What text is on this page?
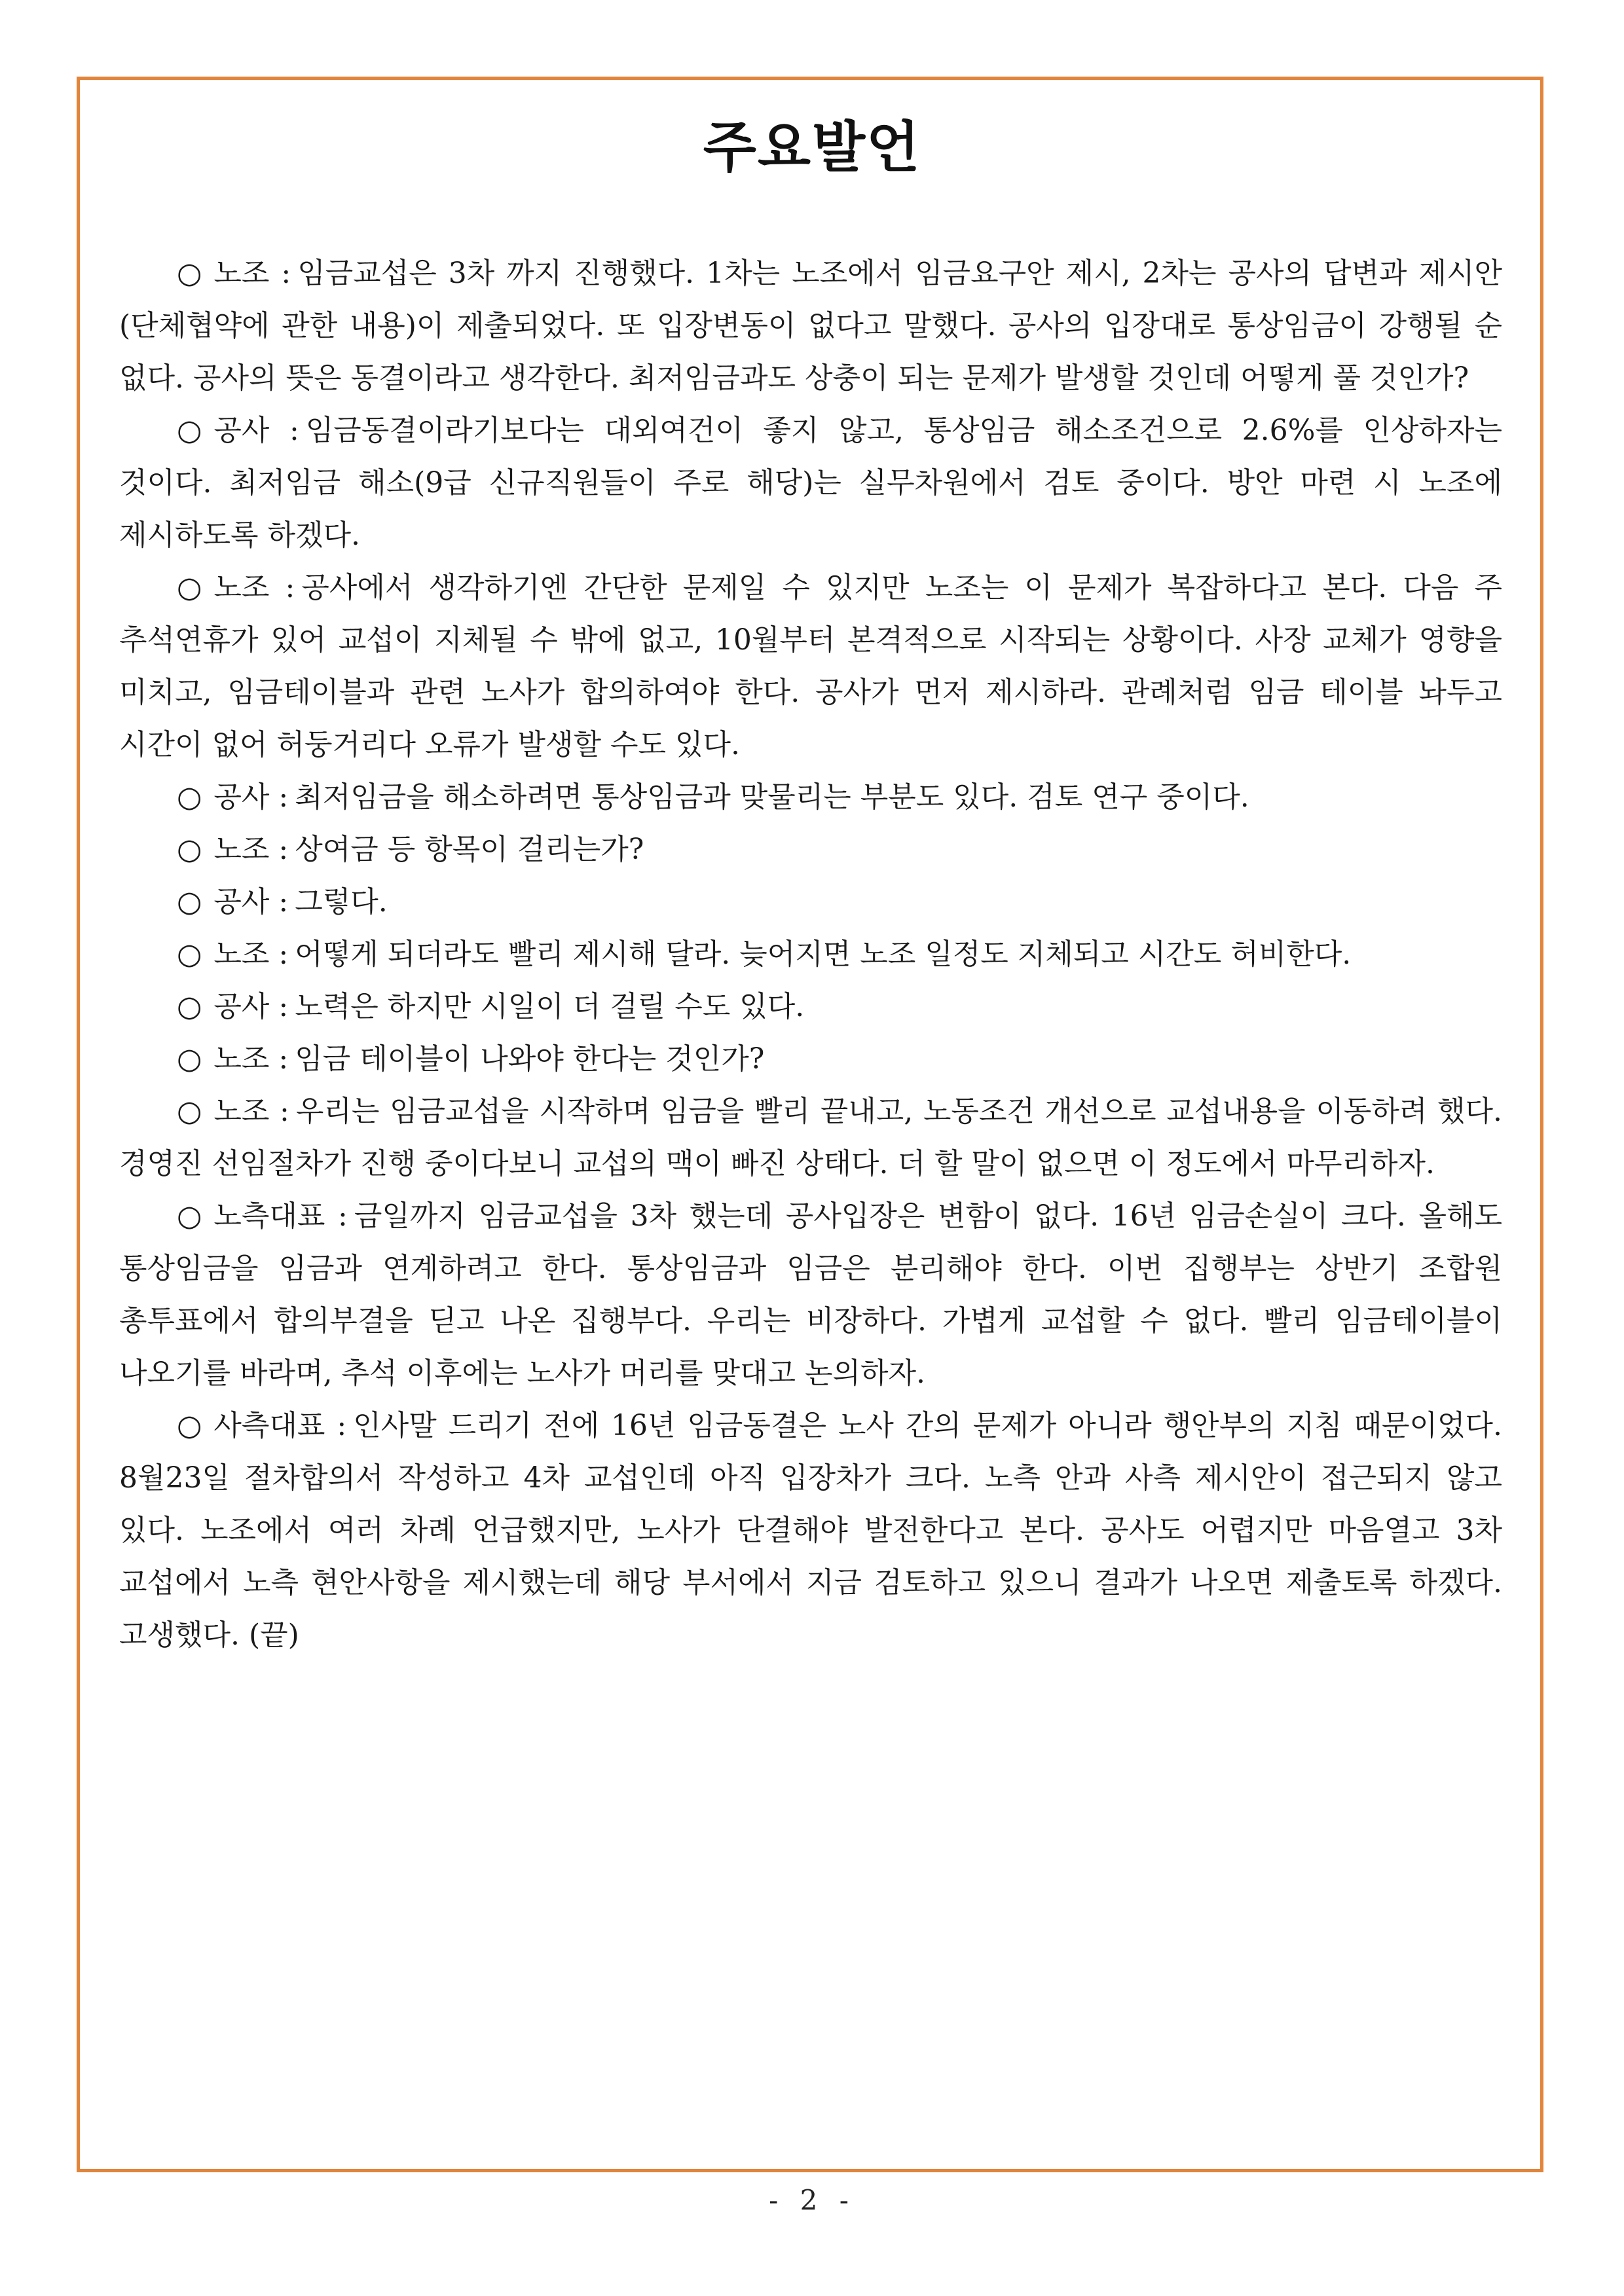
주요발언

○ 노조 : 임금교섭은 3차 까지 진행했다. 1차는 노조에서 임금요구안 제시, 2차는 공사의 답변과 제시안(단체협약에 관한 내용)이 제출되었다. 또 입장변동이 없다고 말했다. 공사의 입장대로 통상임금이 강행될 순 없다. 공사의 뜻은 동결이라고 생각한다. 최저임금과도 상충이 되는 문제가 발생할 것인데 어떻게 풀 것인가?

○ 공사 : 임금동결이라기보다는 대외여건이 좋지 않고, 통상임금 해소조건으로 2.6%를 인상하자는 것이다. 최저임금 해소(9급 신규직원들이 주로 해당)는 실무차원에서 검토 중이다. 방안 마련 시 노조에 제시하도록 하겠다.

○ 노조 : 공사에서 생각하기엔 간단한 문제일 수 있지만 노조는 이 문제가 복잡하다고 본다. 다음 주 추석연휴가 있어 교섭이 지체될 수 밖에 없고, 10월부터 본격적으로 시작되는 상황이다. 사장 교체가 영향을 미치고, 임금테이블과 관련 노사가 합의하여야 한다. 공사가 먼저 제시하라. 관례처럼 임금 테이블 놔두고 시간이 없어 허둥거리다 오류가 발생할 수도 있다.

○ 공사 : 최저임금을 해소하려면 통상임금과 맞물리는 부분도 있다. 검토 연구 중이다.

○ 노조 : 상여금 등 항목이 걸리는가?

○ 공사 : 그렇다.

○ 노조 : 어떻게 되더라도 빨리 제시해 달라. 늦어지면 노조 일정도 지체되고 시간도 허비한다.

○ 공사 : 노력은 하지만 시일이 더 걸릴 수도 있다.

○ 노조 : 임금 테이블이 나와야 한다는 것인가?

○ 노조 : 우리는 임금교섭을 시작하며 임금을 빨리 끝내고, 노동조건 개선으로 교섭내용을 이동하려 했다. 경영진 선임절차가 진행 중이다보니 교섭의 맥이 빠진 상태다. 더 할 말이 없으면 이 정도에서 마무리하자.

○ 노측대표 : 금일까지 임금교섭을 3차 했는데 공사입장은 변함이 없다. 16년 임금손실이 크다. 올해도 통상임금을 임금과 연계하려고 한다. 통상임금과 임금은 분리해야 한다. 이번 집행부는 상반기 조합원 총투표에서 합의부결을 딛고 나온 집행부다. 우리는 비장하다. 가볍게 교섭할 수 없다. 빨리 임금테이블이 나오기를 바라며, 추석 이후에는 노사가 머리를 맞대고 논의하자.

○ 사측대표 : 인사말 드리기 전에 16년 임금동결은 노사 간의 문제가 아니라 행안부의 지침 때문이었다. 8월23일 절차합의서 작성하고 4차 교섭인데 아직 입장차가 크다. 노측 안과 사측 제시안이 접근되지 않고 있다. 노조에서 여러 차례 언급했지만, 노사가 단결해야 발전한다고 본다. 공사도 어렵지만 마음열고 3차 교섭에서 노측 현안사항을 제시했는데 해당 부서에서 지금 검토하고 있으니 결과가 나오면 제출토록 하겠다. 고생했다. (끝)

- 2 -
